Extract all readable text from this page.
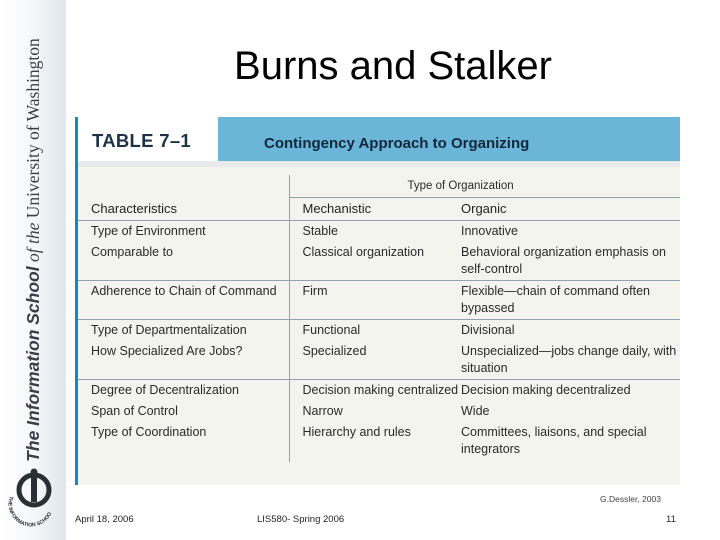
The Information School of the University of Washington
THE INFORMATION SCHOO
Burns and Stalker
TABLE 7–1	Contingency Approach to Organizing
	Type of Organization	
Characteristics	Mechanistic	Organic
Type of Environment	Stable	Innovative
Comparable to	Classical organization	Behavioral organization emphasis on self-control
Adherence to Chain of Command	Firm	Flexible—chain of command often bypassed
Type of Departmentalization	Functional	Divisional
How Specialized Are Jobs?	Specialized	Unspecialized—jobs change daily, with situation
Degree of Decentralization	Decision making centralized	Decision making decentralized
Span of Control	Narrow	Wide
Type of Coordination	Hierarchy and rules	Committees, liaisons, and special integrators
G.Dessler, 2003
April 18, 2006	LIS580- Spring 2006	11
